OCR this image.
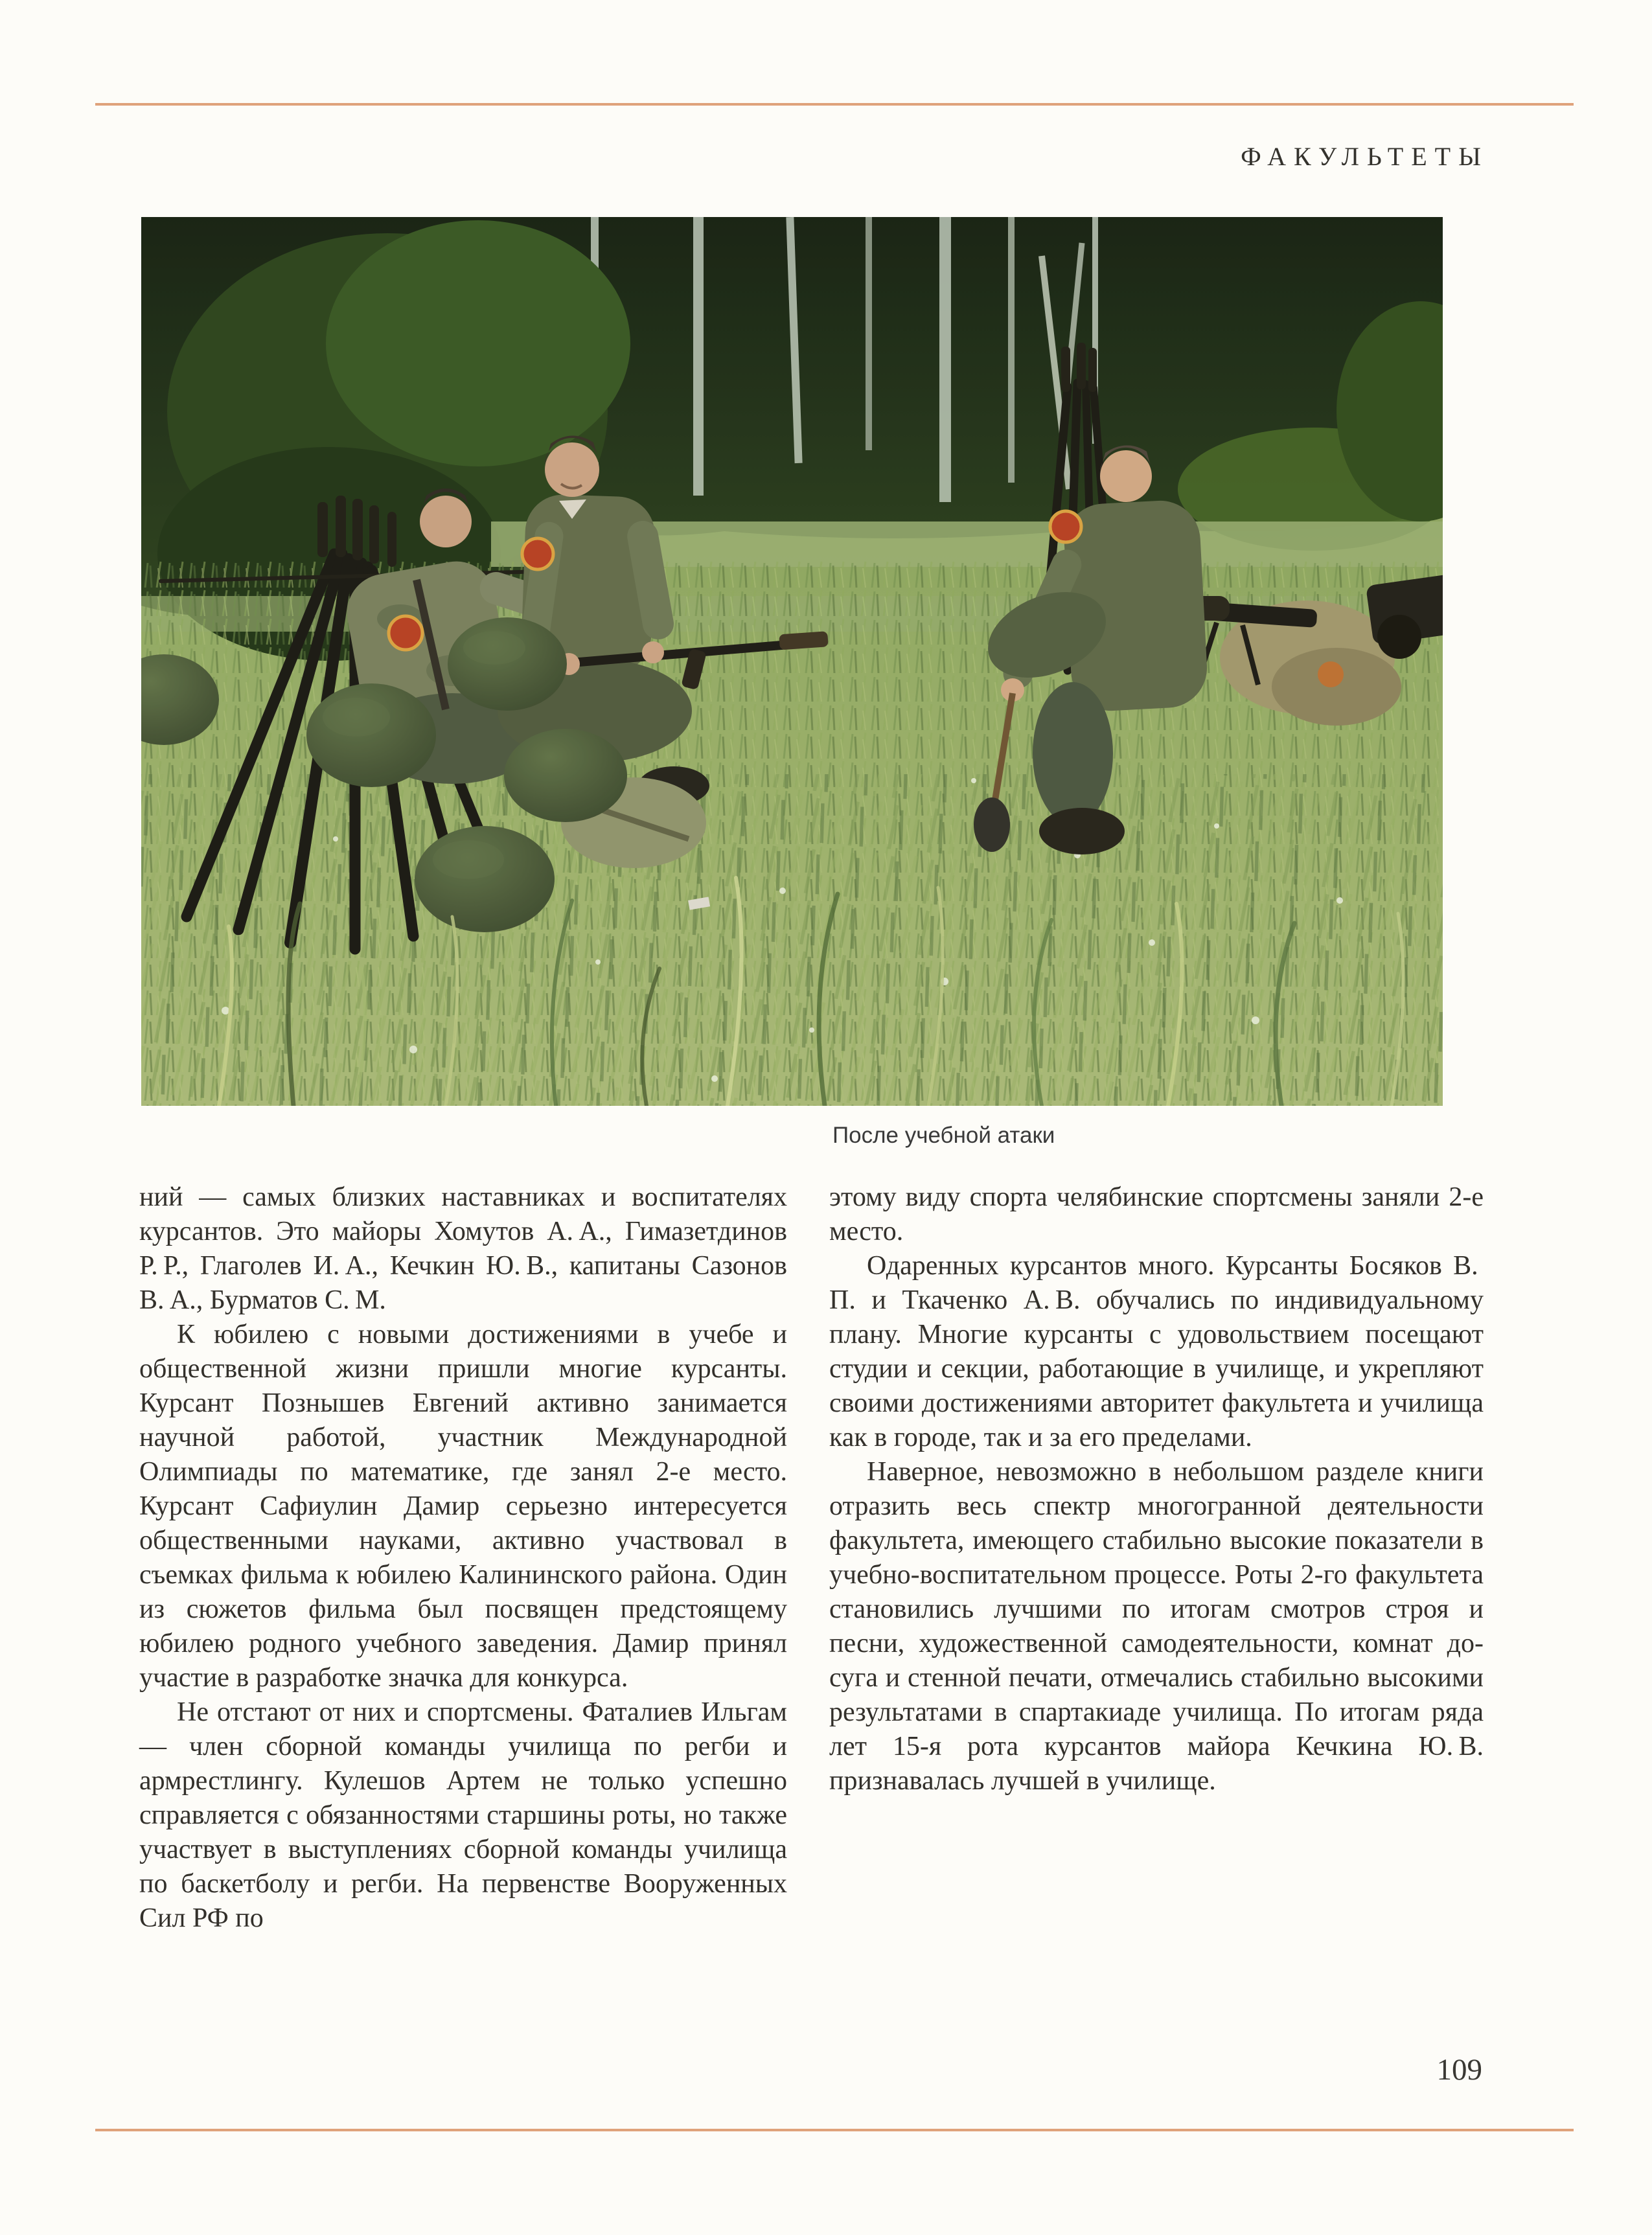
ФАКУЛЬТЕТЫ
После учебной атаки

ний — самых близких наставниках и воспитателях курсантов. Это майоры Хомутов А. А., Гимазетдинов Р. Р., Глаголев И. А., Кечкин Ю. В., капитаны Сазонов В. А., Бурматов С. М.

К юбилею с новыми достижениями в учебе и общественной жизни пришли многие курсанты. Курсант Познышев Евгений активно занимается научной работой, участник Международной Олимпиады по математике, где занял 2-е место. Курсант Сафиулин Дамир серьезно интересуется общественными науками, активно участвовал в съемках фильма к юбилею Калининского района. Один из сюжетов фильма был посвящен предстоящему юбилею родного учебного заведения. Дамир принял участие в разработке значка для конкурса.

Не отстают от них и спортсмены. Фаталиев Ильгам — член сборной команды училища по регби и армрестлингу. Кулешов Артем не только успешно справляется с обязанностями старшины роты, но также участвует в выступлениях сборной команды училища по баскетболу и регби. На первенстве Вооруженных Сил РФ по

этому виду спорта челябинские спортсмены заняли 2-е место.

Одаренных курсантов много. Курсанты Босяков В. П. и Ткаченко А. В. обучались по индивидуальному плану. Многие курсанты с удовольствием посещают студии и секции, работающие в училище, и укрепляют своими достижениями авторитет факультета и училища как в городе, так и за его пределами.

Наверное, невозможно в небольшом разделе книги отразить весь спектр многогранной деятельности факультета, имеющего стабильно высокие показатели в учебно-воспитательном процессе. Роты 2-го факультета становились лучшими по итогам смотров строя и песни, художественной самодеятельности, комнат досуга и стенной печати, отмечались стабильно высокими результатами в спартакиаде училища. По итогам ряда лет 15-я рота курсантов майора Кечкина Ю. В. признавалась лучшей в училище.

109
